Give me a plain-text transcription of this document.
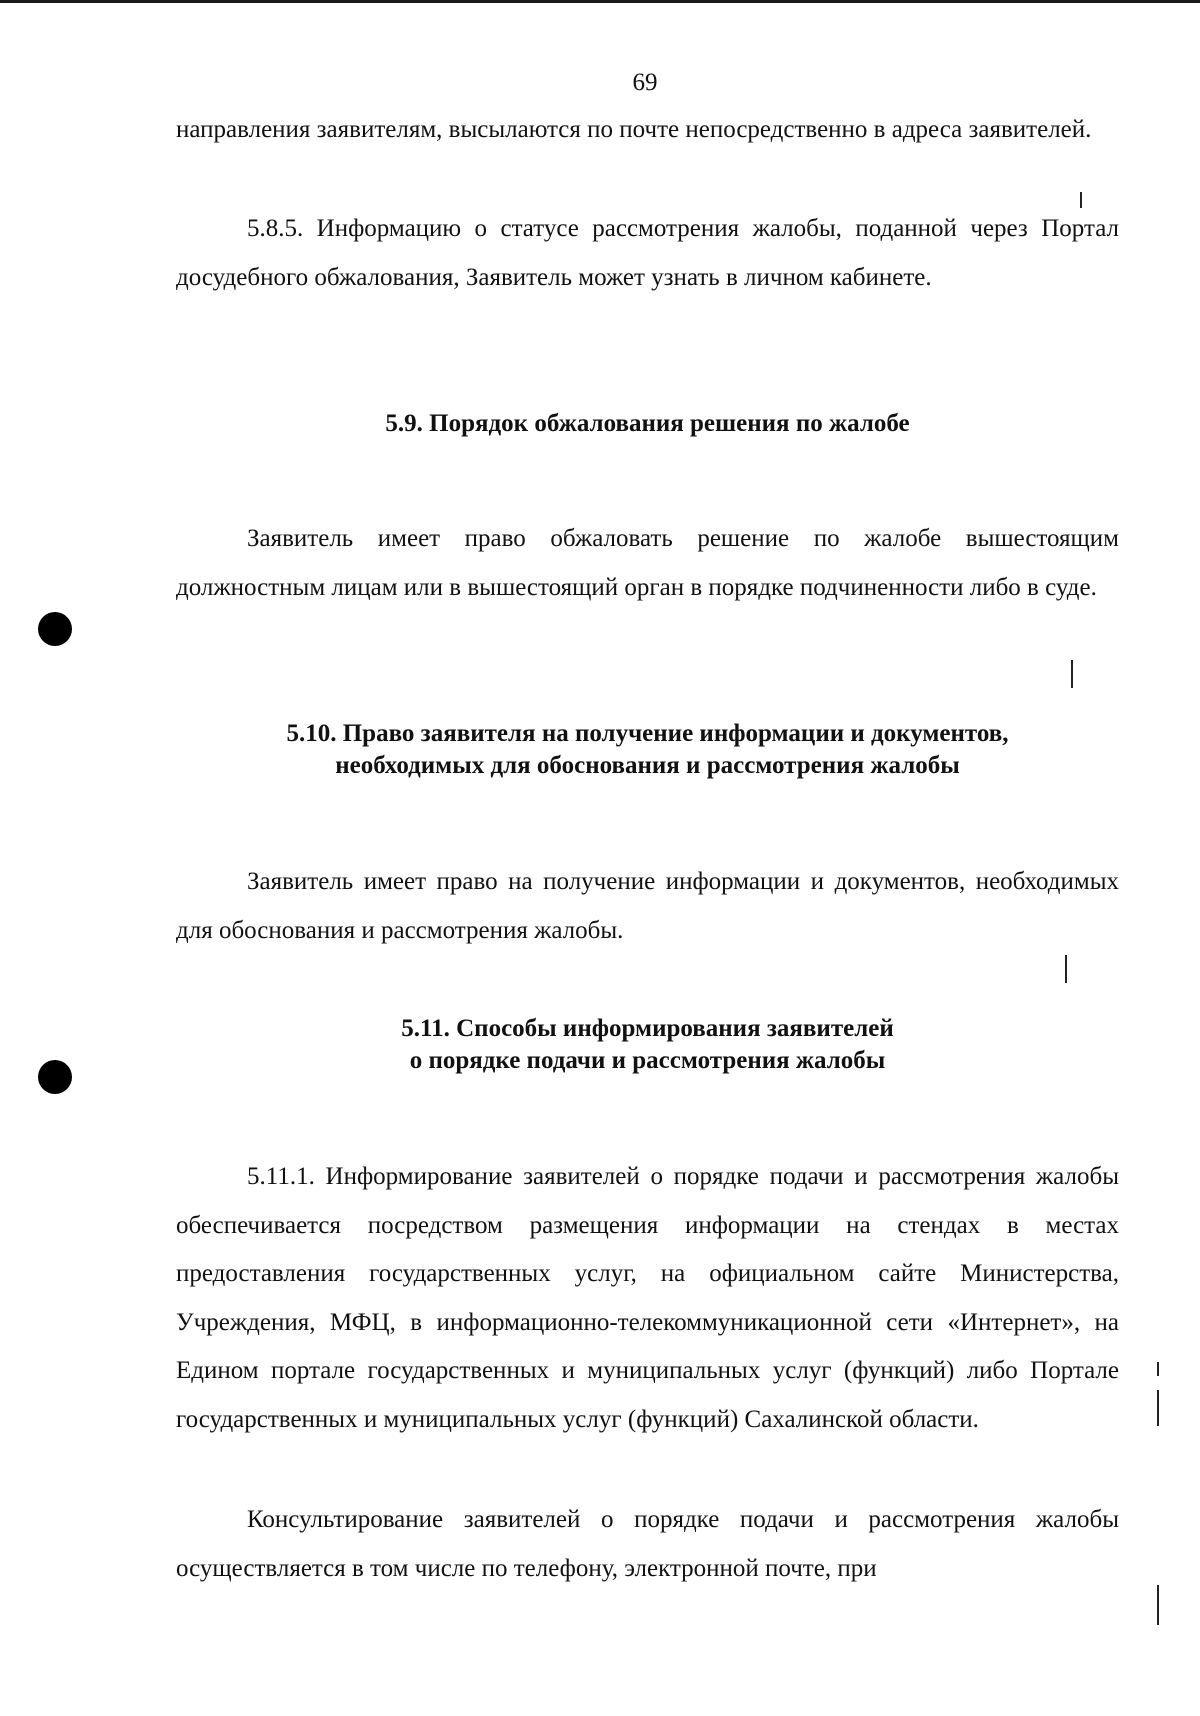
69

направления заявителям, высылаются по почте непосредственно в адреса заявителей.

5.8.5. Информацию о статусе рассмотрения жалобы, поданной через Портал досудебного обжалования, Заявитель может узнать в личном кабинете.

5.9. Порядок обжалования решения по жалобе

Заявитель имеет право обжаловать решение по жалобе вышестоящим должностным лицам или в вышестоящий орган в порядке подчиненности либо в суде.

5.10. Право заявителя на получение информации и документов,
необходимых для обоснования и рассмотрения жалобы

Заявитель имеет право на получение информации и документов, необходимых для обоснования и рассмотрения жалобы.

5.11. Способы информирования заявителей
о порядке подачи и рассмотрения жалобы

5.11.1. Информирование заявителей о порядке подачи и рассмотрения жалобы обеспечивается посредством размещения информации на стендах в местах предоставления государственных услуг, на официальном сайте Министерства, Учреждения, МФЦ, в информационно-телекоммуникационной сети «Интернет», на Едином портале государственных и муниципальных услуг (функций) либо Портале государственных и муниципальных услуг (функций) Сахалинской области.

Консультирование заявителей о порядке подачи и рассмотрения жалобы осуществляется в том числе по телефону, электронной почте, при
